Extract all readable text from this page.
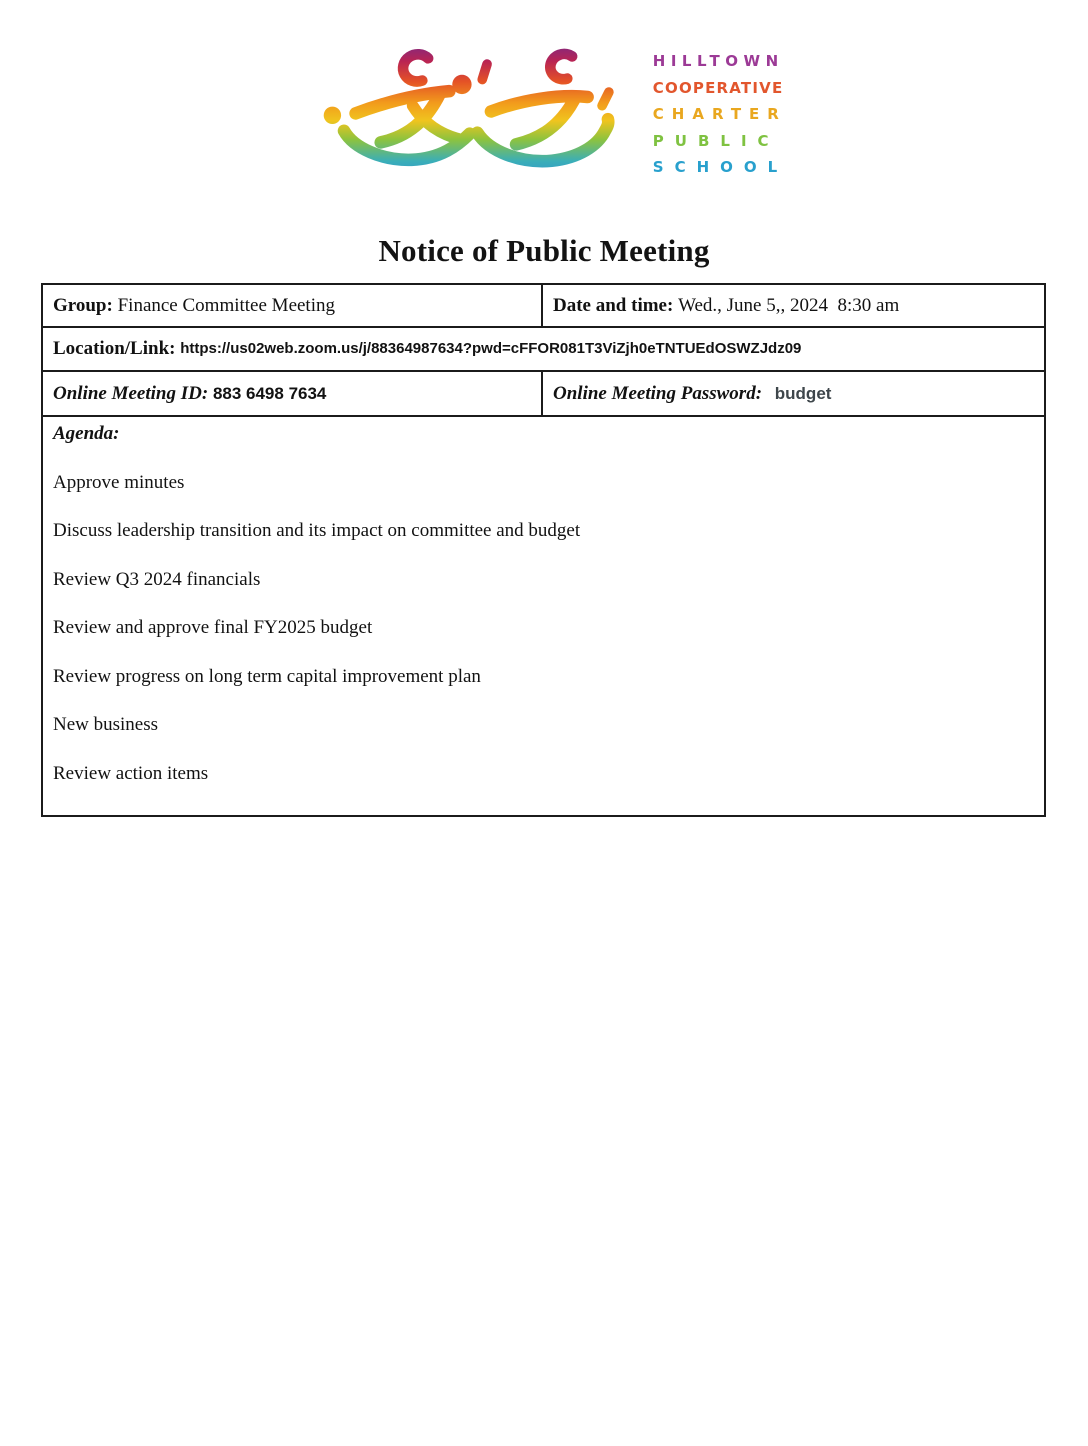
HILLTOWN
COOPERATIVE
CHARTER
PUBLIC
SCHOOL
Notice of Public Meeting
Group: Finance Committee Meeting	Date and time: Wed., June 5,, 2024  8:30 am
Location/Link: https://us02web.zoom.us/j/88364987634?pwd=cFFOR081T3ViZjh0eTNTUEdOSWZJdz09	
Online Meeting ID: 883 6498 7634	Online Meeting Password: budget

Agenda:

Approve minutes

Discuss leadership transition and its impact on committee and budget

Review Q3 2024 financials

Review and approve final FY2025 budget

Review progress on long term capital improvement plan

New business

Review action items
